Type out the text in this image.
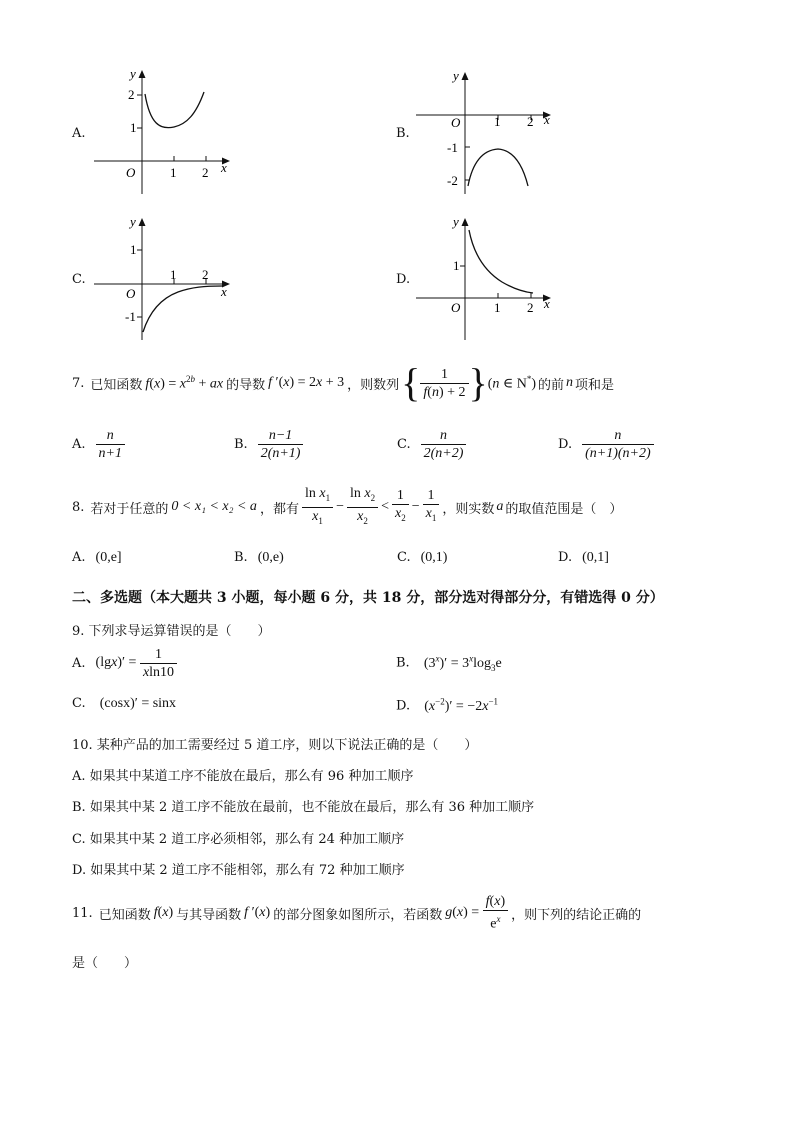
A.
2
1
1 2
O	x
y
B.
-1
-2
1 2
O	x
y
C.
1
-1
1 2
O	x
y
D.
1
1 2
O	x
y
7. 已知函数 $f(x) = x^{2b}$ + ax 的导数 f ′(x) = 2x + 3 ，则数列 { $\frac{1}{f(n) + 2}$ } (n ∈ N*) 的前 n 项和是
A. $\frac{n}{n+1}$	B. $\frac{n-1}{2(n+1)}$	C. $\frac{n}{2(n+2)}$	D. $\frac{n}{(n+1)(n+2)}$
8. 若对于任意的 0 < x₁ < x₂ < a ，都有 $\frac{\ln x_1}{x_1} - \frac{\ln x_2}{x_2} < \frac{1}{x_2} - \frac{1}{x_1}$ ，则实数 a 的取值范围是（　）
A. (0,e]	B. (0,e)	C. (0,1)	D. (0,1]
二、多选题（本大题共 3 小题，每小题 6 分，共 18 分，部分选对得部分分，有错选得 0 分）
9. 下列求导运算错误的是（　　）
A. (lg x )′ = $\frac{1}{xln10}$	B. $(3^x)' = 3^x\log_3e$
C. (cosx)′ = sinx	D. $(x^{-2})' = -2x^{-1}$
10. 某种产品的加工需要经过 5 道工序，则以下说法正确的是（　　）
A. 如果其中某道工序不能放在最后，那么有 96 种加工顺序
B. 如果其中某 2 道工序不能放在最前，也不能放在最后，那么有 36 种加工顺序
C. 如果其中某 2 道工序必须相邻，那么有 24 种加工顺序
D. 如果其中某 2 道工序不能相邻，那么有 72 种加工顺序
11. 已知函数 f(x) 与其导函数 f ′(x) 的部分图象如图所示，若函数 g ( x ) = $\frac{f(x)}{e^x}$ ，则下列的结论正确的
是（　　）
